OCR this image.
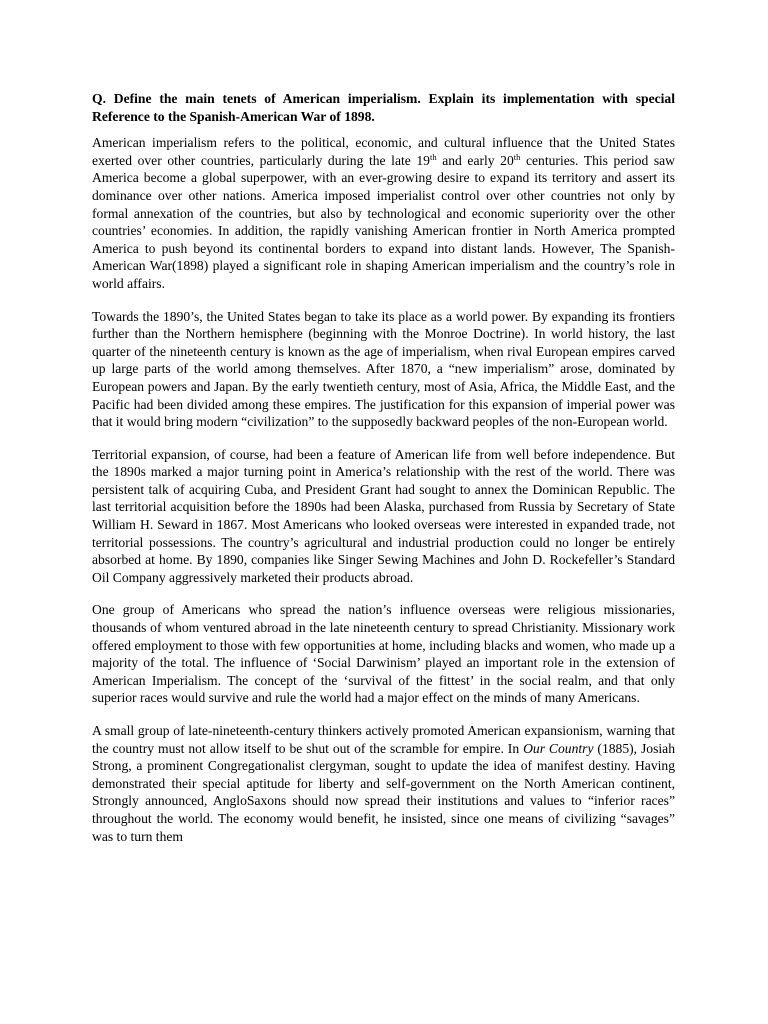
Q. Define the main tenets of American imperialism. Explain its implementation with special Reference to the Spanish-American War of 1898.

American imperialism refers to the political, economic, and cultural influence that the United States exerted over other countries, particularly during the late 19th and early 20th centuries. This period saw America become a global superpower, with an ever-growing desire to expand its territory and assert its dominance over other nations. America imposed imperialist control over other countries not only by formal annexation of the countries, but also by technological and economic superiority over the other countries’ economies. In addition, the rapidly vanishing American frontier in North America prompted America to push beyond its continental borders to expand into distant lands. However, The Spanish-American War(1898) played a significant role in shaping American imperialism and the country’s role in world affairs.

Towards the 1890’s, the United States began to take its place as a world power. By expanding its frontiers further than the Northern hemisphere (beginning with the Monroe Doctrine). In world history, the last quarter of the nineteenth century is known as the age of imperialism, when rival European empires carved up large parts of the world among themselves. After 1870, a “new imperialism” arose, dominated by European powers and Japan. By the early twentieth century, most of Asia, Africa, the Middle East, and the Pacific had been divided among these empires. The justification for this expansion of imperial power was that it would bring modern “civilization” to the supposedly backward peoples of the non-European world.

Territorial expansion, of course, had been a feature of American life from well before independence. But the 1890s marked a major turning point in America’s relationship with the rest of the world. There was persistent talk of acquiring Cuba, and President Grant had sought to annex the Dominican Republic. The last territorial acquisition before the 1890s had been Alaska, purchased from Russia by Secretary of State William H. Seward in 1867. Most Americans who looked overseas were interested in expanded trade, not territorial possessions. The country’s agricultural and industrial production could no longer be entirely absorbed at home. By 1890, companies like Singer Sewing Machines and John D. Rockefeller’s Standard Oil Company aggressively marketed their products abroad.

One group of Americans who spread the nation’s influence overseas were religious missionaries, thousands of whom ventured abroad in the late nineteenth century to spread Christianity. Missionary work offered employment to those with few opportunities at home, including blacks and women, who made up a majority of the total. The influence of ‘Social Darwinism’ played an important role in the extension of American Imperialism. The concept of the ‘survival of the fittest’ in the social realm, and that only superior races would survive and rule the world had a major effect on the minds of many Americans.

A small group of late-nineteenth-century thinkers actively promoted American expansionism, warning that the country must not allow itself to be shut out of the scramble for empire. In Our Country (1885), Josiah Strong, a prominent Congregationalist clergyman, sought to update the idea of manifest destiny. Having demonstrated their special aptitude for liberty and self-government on the North American continent, Strongly announced, AngloSaxons should now spread their institutions and values to “inferior races” throughout the world. The economy would benefit, he insisted, since one means of civilizing “savages” was to turn them
